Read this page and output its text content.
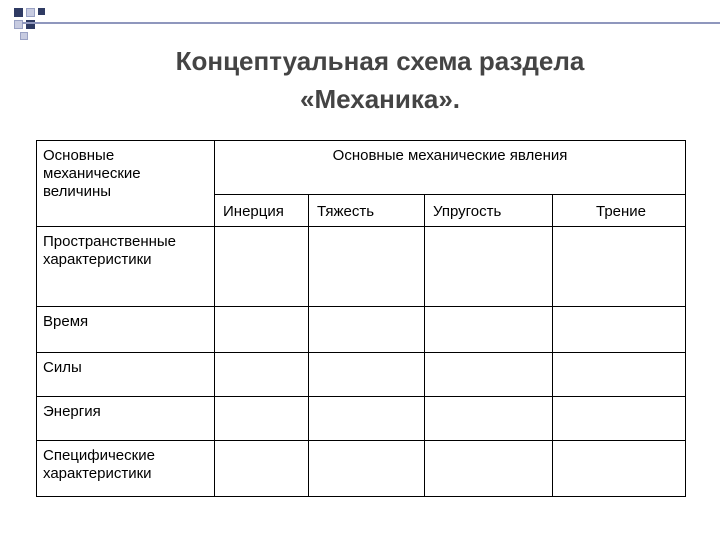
Концептуальная схема раздела
«Механика».
Основные механические величины	Основные механические явления			

	Инерция	Тяжесть	Упругость	Трение

Пространственные характеристики				

Время				

Силы				

Энергия				

Специфические характеристики				
